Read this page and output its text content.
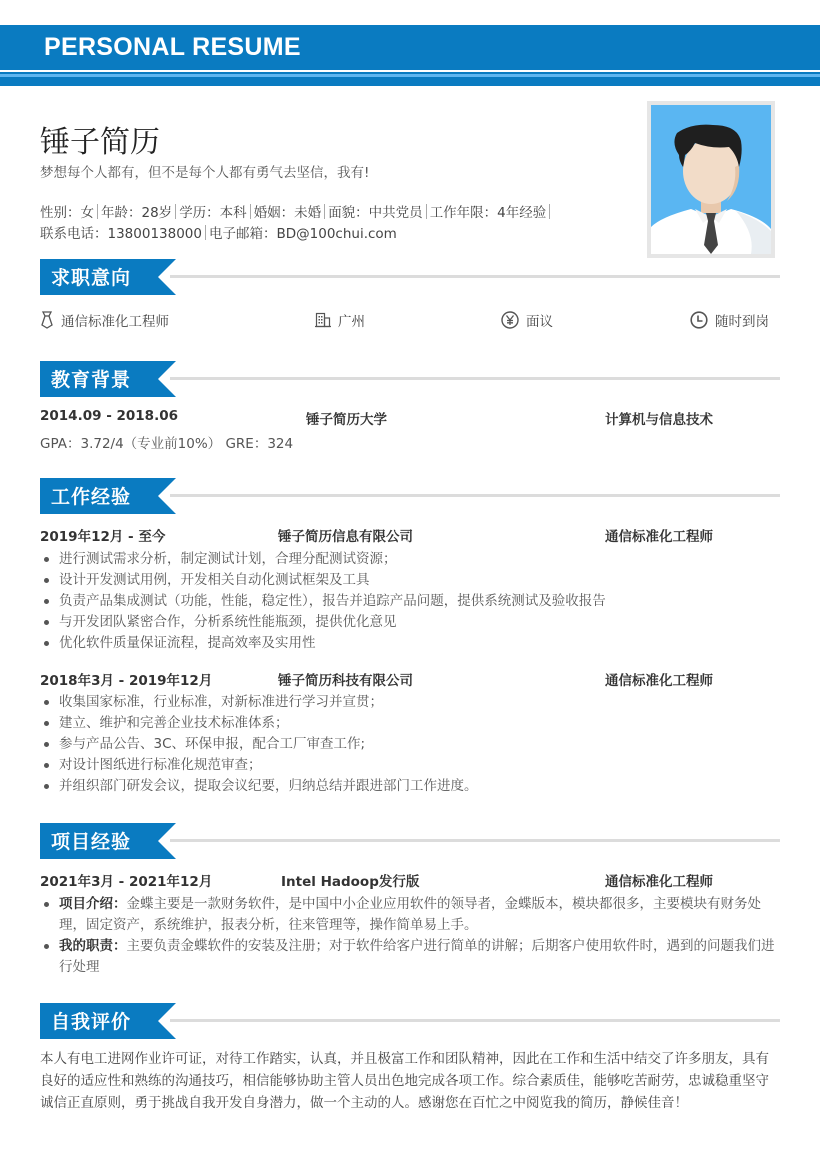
PERSONAL RESUME
锤子简历
梦想每个人都有，但不是每个人都有勇气去坚信，我有!
性别：女 年龄：28岁 学历：本科 婚姻：未婚 面貌：中共党员 工作年限：4年经验
联系电话：13800138000 电子邮箱：BD@100chui.com
求职意向
通信标准化工程师	广州	面议	随时到岗
教育背景
2014.09 - 2018.06	锤子简历大学	计算机与信息技术
GPA：3.72/4（专业前10%） GRE：324
工作经验
2019年12月 - 至今	锤子简历信息有限公司	通信标准化工程师
进行测试需求分析，制定测试计划，合理分配测试资源；
设计开发测试用例，开发相关自动化测试框架及工具
负责产品集成测试（功能，性能，稳定性），报告并追踪产品问题，提供系统测试及验收报告
与开发团队紧密合作，分析系统性能瓶颈，提供优化意见
优化软件质量保证流程，提高效率及实用性
2018年3月 - 2019年12月	锤子简历科技有限公司	通信标准化工程师
收集国家标准，行业标准，对新标准进行学习并宣贯；
建立、维护和完善企业技术标准体系；
参与产品公告、3C、环保申报，配合工厂审查工作;
对设计图纸进行标准化规范审查；
并组织部门研发会议，提取会议纪要，归纳总结并跟进部门工作进度。
项目经验
2021年3月 - 2021年12月	Intel Hadoop发行版	通信标准化工程师
项目介绍：金蝶主要是一款财务软件，是中国中小企业应用软件的领导者，金蝶版本，模块都很多，主要模块有财务处理，固定资产，系统维护，报表分析，往来管理等，操作简单易上手。
我的职责：主要负责金蝶软件的安装及注册；对于软件给客户进行简单的讲解；后期客户使用软件时，遇到的问题我们进行处理
自我评价
本人有电工进网作业许可证，对待工作踏实，认真，并且极富工作和团队精神，因此在工作和生活中结交了许多朋友，具有良好的适应性和熟练的沟通技巧，相信能够协助主管人员出色地完成各项工作。综合素质佳，能够吃苦耐劳，忠诚稳重坚守诚信正直原则，勇于挑战自我开发自身潜力，做一个主动的人。感谢您在百忙之中阅览我的简历，静候佳音！
